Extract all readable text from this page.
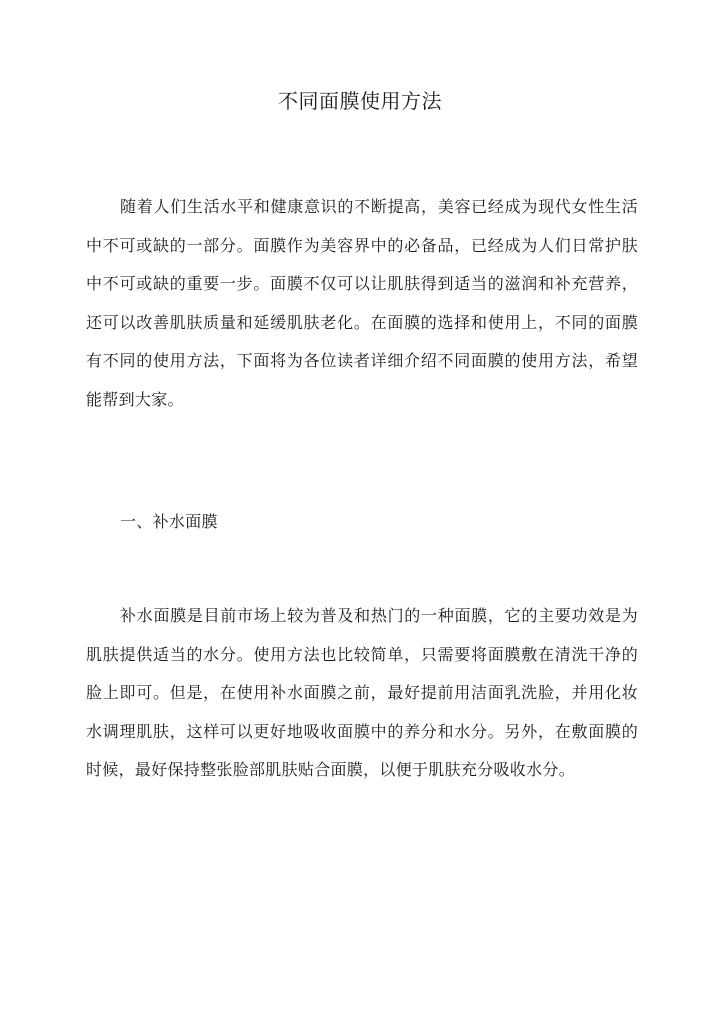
不同面膜使用方法

随着人们生活水平和健康意识的不断提高，美容已经成为现代女性生活中不可或缺的一部分。面膜作为美容界中的必备品，已经成为人们日常护肤中不可或缺的重要一步。面膜不仅可以让肌肤得到适当的滋润和补充营养，还可以改善肌肤质量和延缓肌肤老化。在面膜的选择和使用上，不同的面膜有不同的使用方法，下面将为各位读者详细介绍不同面膜的使用方法，希望能帮到大家。

一、补水面膜

补水面膜是目前市场上较为普及和热门的一种面膜，它的主要功效是为肌肤提供适当的水分。使用方法也比较简单，只需要将面膜敷在清洗干净的脸上即可。但是，在使用补水面膜之前，最好提前用洁面乳洗脸，并用化妆水调理肌肤，这样可以更好地吸收面膜中的养分和水分。另外，在敷面膜的时候，最好保持整张脸部肌肤贴合面膜，以便于肌肤充分吸收水分。
